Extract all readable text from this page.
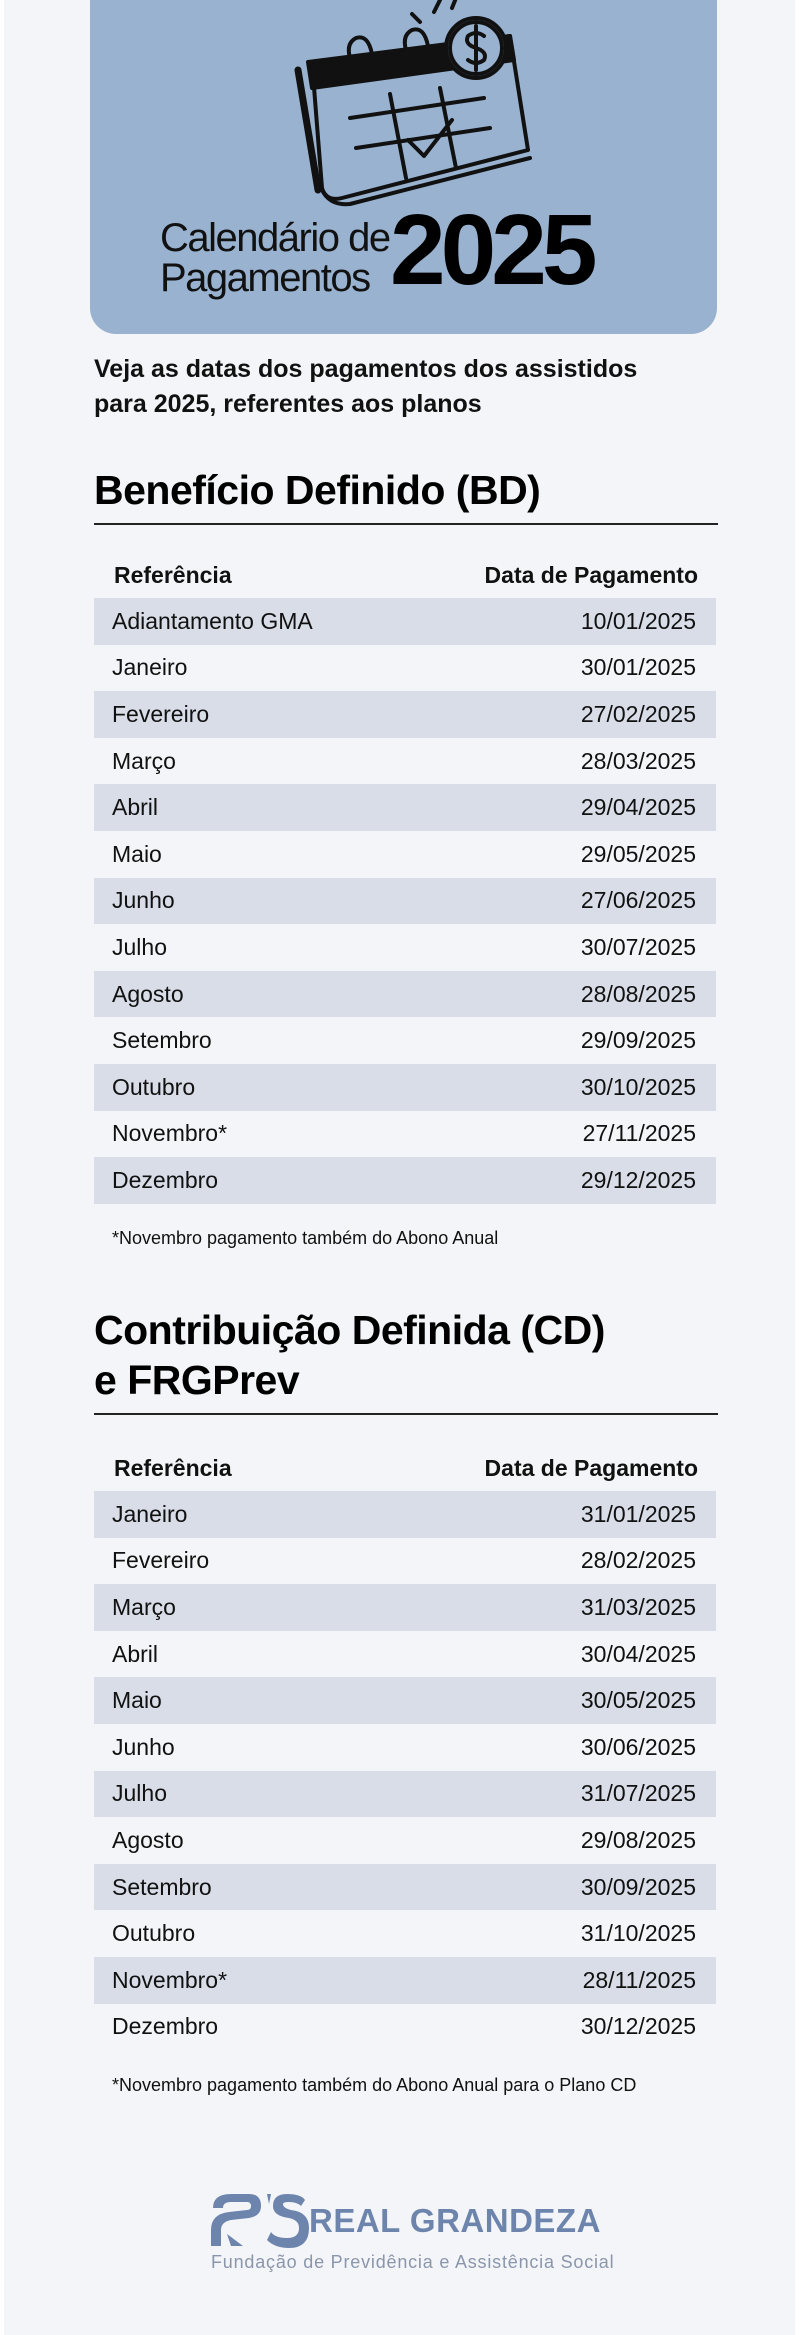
Calendário de
Pagamentos 2025
Veja as datas dos pagamentos dos assistidos para 2025, referentes aos planos
Benefício Definido (BD)
Referência	Data de Pagamento
Adiantamento GMA	10/01/2025
Janeiro	30/01/2025
Fevereiro	27/02/2025
Março	28/03/2025
Abril	29/04/2025
Maio	29/05/2025
Junho	27/06/2025
Julho	30/07/2025
Agosto	28/08/2025
Setembro	29/09/2025
Outubro	30/10/2025
Novembro*	27/11/2025
Dezembro	29/12/2025
*Novembro pagamento também do Abono Anual
Contribuição Definida (CD)
e FRGPrev
Referência	Data de Pagamento
Janeiro	31/01/2025
Fevereiro	28/02/2025
Março	31/03/2025
Abril	30/04/2025
Maio	30/05/2025
Junho	30/06/2025
Julho	31/07/2025
Agosto	29/08/2025
Setembro	30/09/2025
Outubro	31/10/2025
Novembro*	28/11/2025
Dezembro	30/12/2025
*Novembro pagamento também do Abono Anual para o Plano CD
REAL GRANDEZA
Fundação de Previdência e Assistência Social
